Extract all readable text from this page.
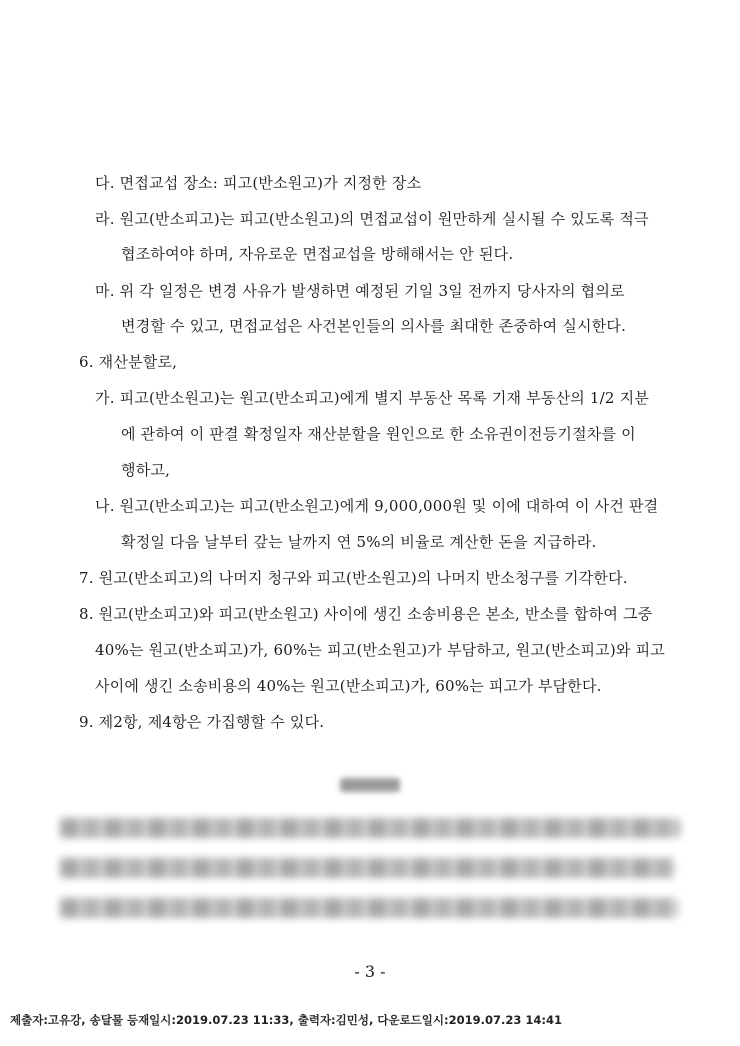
다. 면접교섭 장소: 피고(반소원고)가 지정한 장소
라. 원고(반소피고)는 피고(반소원고)의 면접교섭이 원만하게 실시될 수 있도록 적극
협조하여야 하며, 자유로운 면접교섭을 방해해서는 안 된다.
마. 위 각 일정은 변경 사유가 발생하면 예정된 기일 3일 전까지 당사자의 협의로
변경할 수 있고, 면접교섭은 사건본인들의 의사를 최대한 존중하여 실시한다.
6. 재산분할로,
가. 피고(반소원고)는 원고(반소피고)에게 별지 부동산 목록 기재 부동산의 1/2 지분
에 관하여 이 판결 확정일자 재산분할을 원인으로 한 소유권이전등기절차를 이
행하고,
나. 원고(반소피고)는 피고(반소원고)에게 9,000,000원 및 이에 대하여 이 사건 판결
확정일 다음 날부터 갚는 날까지 연 5%의 비율로 계산한 돈을 지급하라.
7. 원고(반소피고)의 나머지 청구와 피고(반소원고)의 나머지 반소청구를 기각한다.
8. 원고(반소피고)와 피고(반소원고) 사이에 생긴 소송비용은 본소, 반소를 합하여 그중
40%는 원고(반소피고)가, 60%는 피고(반소원고)가 부담하고, 원고(반소피고)와 피고
사이에 생긴 소송비용의 40%는 원고(반소피고)가, 60%는 피고가 부담한다.
9. 제2항, 제4항은 가집행할 수 있다.
- 3 -
제출자:고유강, 송달물 등재일시:2019.07.23 11:33, 출력자:김민성, 다운로드일시:2019.07.23 14:41
